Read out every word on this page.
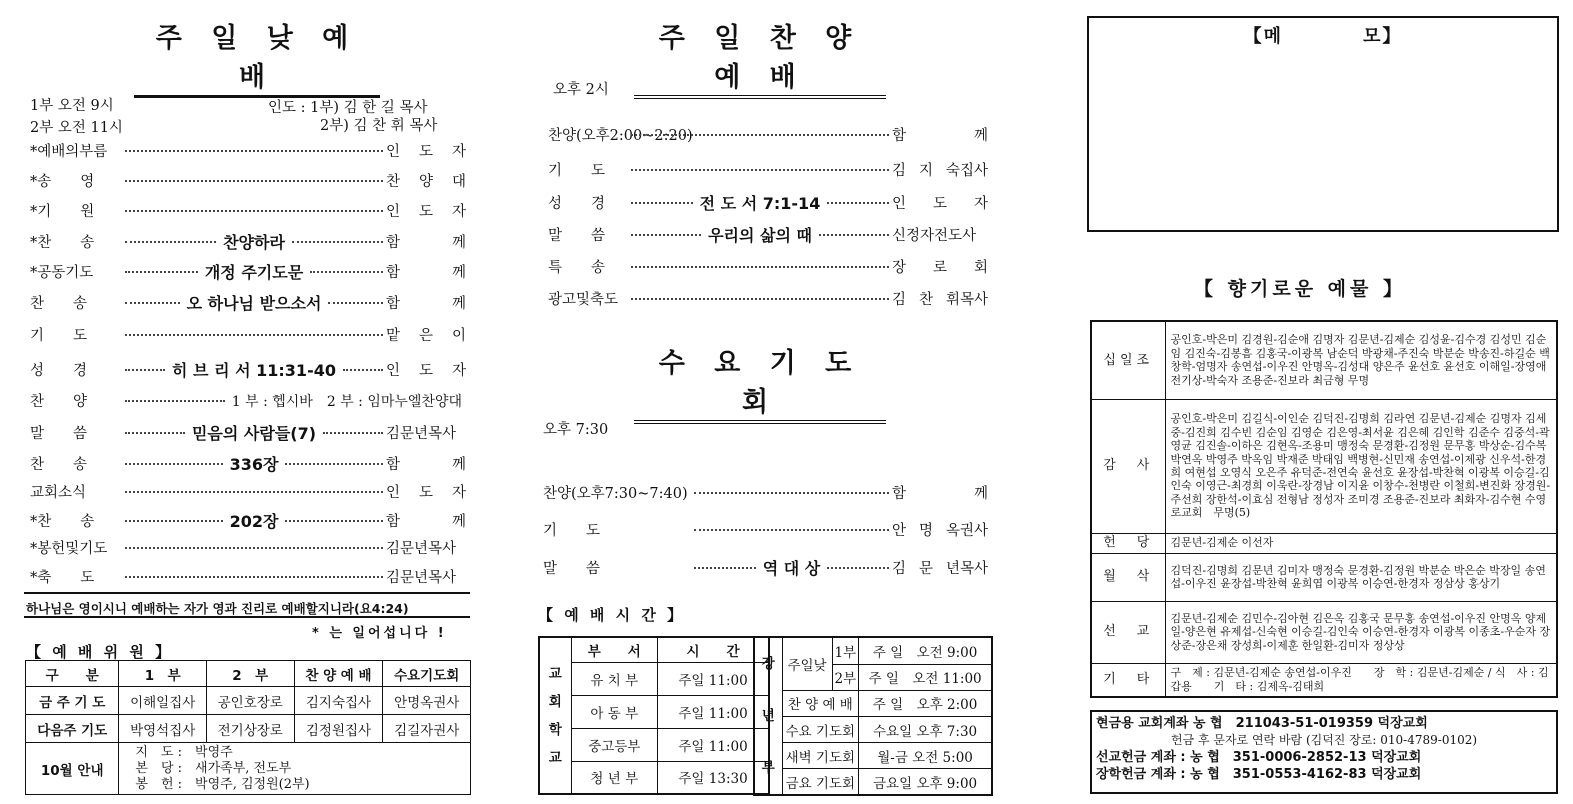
주 일 낮 예 배
1부 오전 9시
2부 오전 11시
인도 : 1부) 김 한 길 목사
2부) 김 찬 휘 목사
*예배의부름	인 도 자
*송　　영	찬 양 대
*기　　원	인 도 자
*찬　　송	찬양하라	함　　께
*공동기도	개정 주기도문	함　　께
찬　　송	오 하나님 받으소서	함　　께
기　　도	맡 은 이
성　　경	히 브 리 서 11:31-40	인 도 자
찬　　양	1 부 : 헵시바　2 부 : 임마누엘찬양대
말　　씀	믿음의 사람들(7)	김문년목사
찬　　송	336장	함　　께
교회소식	인 도 자
*찬　　송	202장	함　　께
*봉헌및기도	김문년목사
*축　　도	김문년목사
하나님은 영이시니 예배하는 자가 영과 진리로 예배할지니라(요4:24)
* 는 일어섭니다 !
【 예 배 위 원 】
구　　분	1　부	2　부	찬 양 예 배	수요기도회
금 주 기 도	이해일집사	공인호장로	김지숙집사	안명옥권사
다음주 기도	박영석집사	전기상장로	김정원집사	김길자권사
10월 안내	지　도 :　박영주
본　당 :　새가족부, 전도부
봉　헌 :　박영주, 김정원(2부)			
주 일 찬 양 예 배
오후 2시
찬양(오후2:00~2:20)	함　　께
기　　도	김 지 숙집사
성　　경	전 도 서 7:1-14	인 도 자
말　　씀	우리의 삶의 때	신정자전도사
특　　송	장 로 회
광고및축도	김 찬 휘목사
수 요 기 도 회
오후 7:30
찬양(오후7:30~7:40)	함　　께
기　　도	안 명 옥권사
말　　씀	역 대 상	김 문 년목사
【 예 배 시 간 】
교
회
학
교	부　　서	시　　간
	유 치 부	주일 11:00
	아 동 부	주일 11:00
	중고등부	주일 11:00
	청 년 부	주일 13:30
장
년
부	주일낮	1부	주 일　오전 9:00
		2부	주 일　오전 11:00
	찬 양 예 배		주 일　오후 2:00
	수요 기도회		수요일 오후 7:30
	새벽 기도회		월-금 오전 5:00
	금요 기도회		금요일 오후 9:00
【메　　　　모】
【 향기로운 예물 】
십일조	공인호-박은미 김경원-김순애 김명자 김문년-김제순 김성윤-김수경 김성민 김순임 김진숙-김봉흠 김홍국-이광복 남순덕 박광채-주진숙 박분순 박송진-하길순 백창학-엄명자 송연섭-이우진 안명옥-김성대 양은주 윤선호 윤선호 이해일-장영애 전기상-박숙자 조용준-진보라 최금형 무명
감　사	공인호-박은미 김길식-이인순 김덕진-김명희 김라연 김문년-김제순 김명자 김세중-김진희 김수빈 김순임 김영순 김은영-최서윤 김은혜 김인학 김준수 김중석-곽영균 김진솔-이하은 김현옥-조용미 맹정숙 문경환-김정원 문무홍 박상순-김수복 박연옥 박영주 박옥임 박재준 박태임 백병현-신민재 송연섭-이제광 신우석-한경희 여현섭 오영식 오은주 유덕준-전연숙 윤선호 윤장섭-박찬혁 이광복 이승길-김인숙 이영근-최경희 이욱란-장경남 이지윤 이창수-천병란 이철희-변진화 장경원-주선희 장한석-이효심 전형남 정성자 조미경 조용준-진보라 최화자-김수현 수영로교회　무명(5)
헌　당	김문년-김제순 이선자
월　삭	김덕진-김명희 김문년 김미자 맹정숙 문경환-김정원 박분순 박은순 박장일 송연섭-이우진 윤장섭-박찬혁 윤희엽 이광복 이승연-한경자 정삼상 홍상기
선　교	김문년-김제순 김민수-김아현 김은옥 김홍국 문무홍 송연섭-이우진 안명옥 양제일-양은현 유제섭-신숙현 이승길-김인숙 이승연-한경자 이광복 이종초-우순자 장상준-장은채 장성희-이제훈 한일환-김미자 정상상
기　타	구　제 : 김문년-김제순 송연섭-이우진　　장　학 : 김문년-김제순 / 식　사 : 김갑용　　기　타 : 김제옥-김태희
현금용 교회계좌 농 협　211043-51-019359 덕장교회
헌금 후 문자로 연락 바람 (김덕진 장로: 010-4789-0102)
선교헌금 계좌 : 농 협　351-0006-2852-13 덕장교회
장학헌금 계좌 : 농 협　351-0553-4162-83 덕장교회
